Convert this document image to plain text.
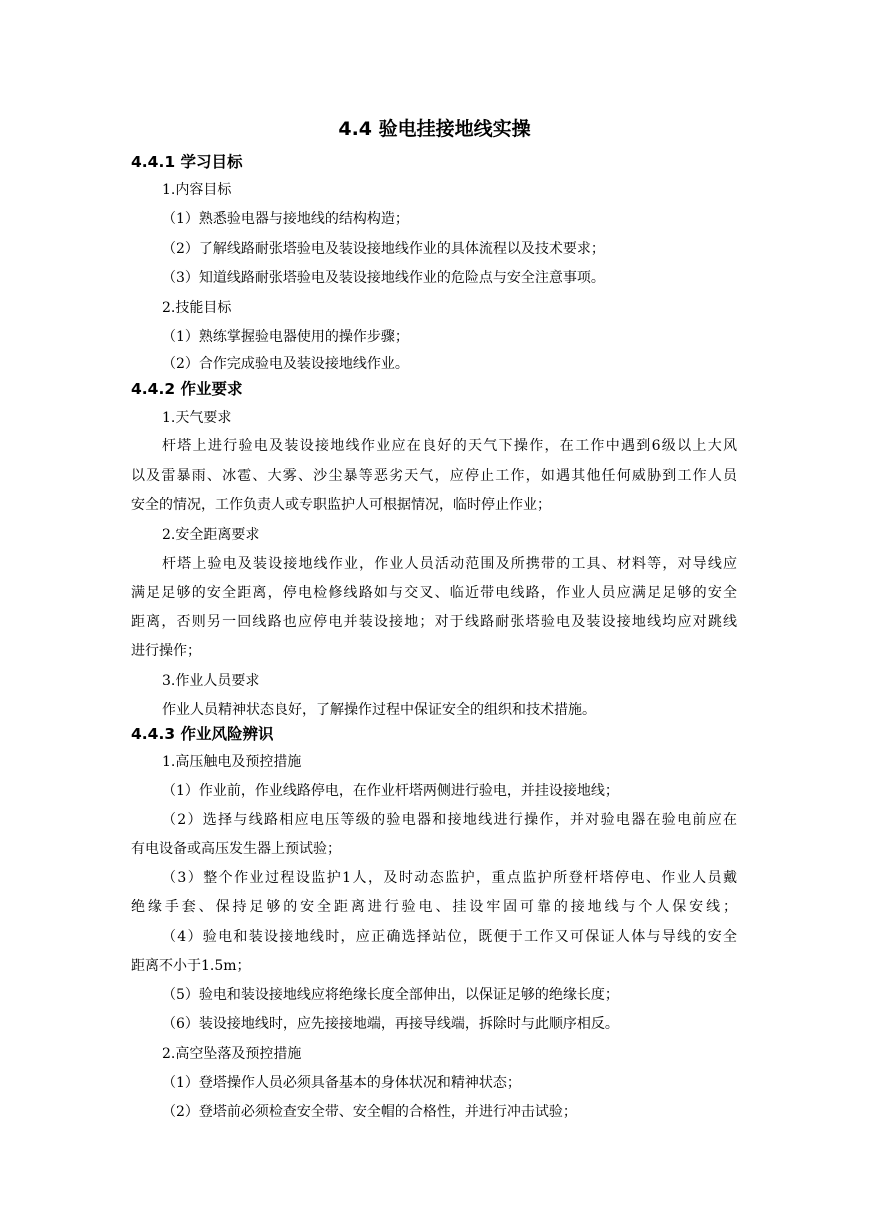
4.4 验电挂接地线实操
4.4.1 学习目标
1.内容目标
（1）熟悉验电器与接地线的结构构造；
（2）了解线路耐张塔验电及装设接地线作业的具体流程以及技术要求；
（3）知道线路耐张塔验电及装设接地线作业的危险点与安全注意事项。
2.技能目标
（1）熟练掌握验电器使用的操作步骤；
（2）合作完成验电及装设接地线作业。
4.4.2 作业要求
1.天气要求
杆塔上进行验电及装设接地线作业应在良好的天气下操作，在工作中遇到6级以上大风
以及雷暴雨、冰雹、大雾、沙尘暴等恶劣天气，应停止工作，如遇其他任何威胁到工作人员
安全的情况，工作负责人或专职监护人可根据情况，临时停止作业；
2.安全距离要求
杆塔上验电及装设接地线作业，作业人员活动范围及所携带的工具、材料等，对导线应
满足足够的安全距离，停电检修线路如与交叉、临近带电线路，作业人员应满足足够的安全
距离，否则另一回线路也应停电并装设接地；对于线路耐张塔验电及装设接地线均应对跳线
进行操作；
3.作业人员要求
作业人员精神状态良好，了解操作过程中保证安全的组织和技术措施。
4.4.3 作业风险辨识
1.高压触电及预控措施
（1）作业前，作业线路停电，在作业杆塔两侧进行验电，并挂设接地线；
（2）选择与线路相应电压等级的验电器和接地线进行操作，并对验电器在验电前应在
有电设备或高压发生器上预试验；
（3）整个作业过程设监护1人，及时动态监护，重点监护所登杆塔停电、作业人员戴
绝缘手套、保持足够的安全距离进行验电、挂设牢固可靠的接地线与个人保安线；
（4）验电和装设接地线时，应正确选择站位，既便于工作又可保证人体与导线的安全
距离不小于1.5m；
（5）验电和装设接地线应将绝缘长度全部伸出，以保证足够的绝缘长度；
（6）装设接地线时，应先接接地端，再接导线端，拆除时与此顺序相反。
2.高空坠落及预控措施
（1）登塔操作人员必须具备基本的身体状况和精神状态；
（2）登塔前必须检查安全带、安全帽的合格性，并进行冲击试验；
